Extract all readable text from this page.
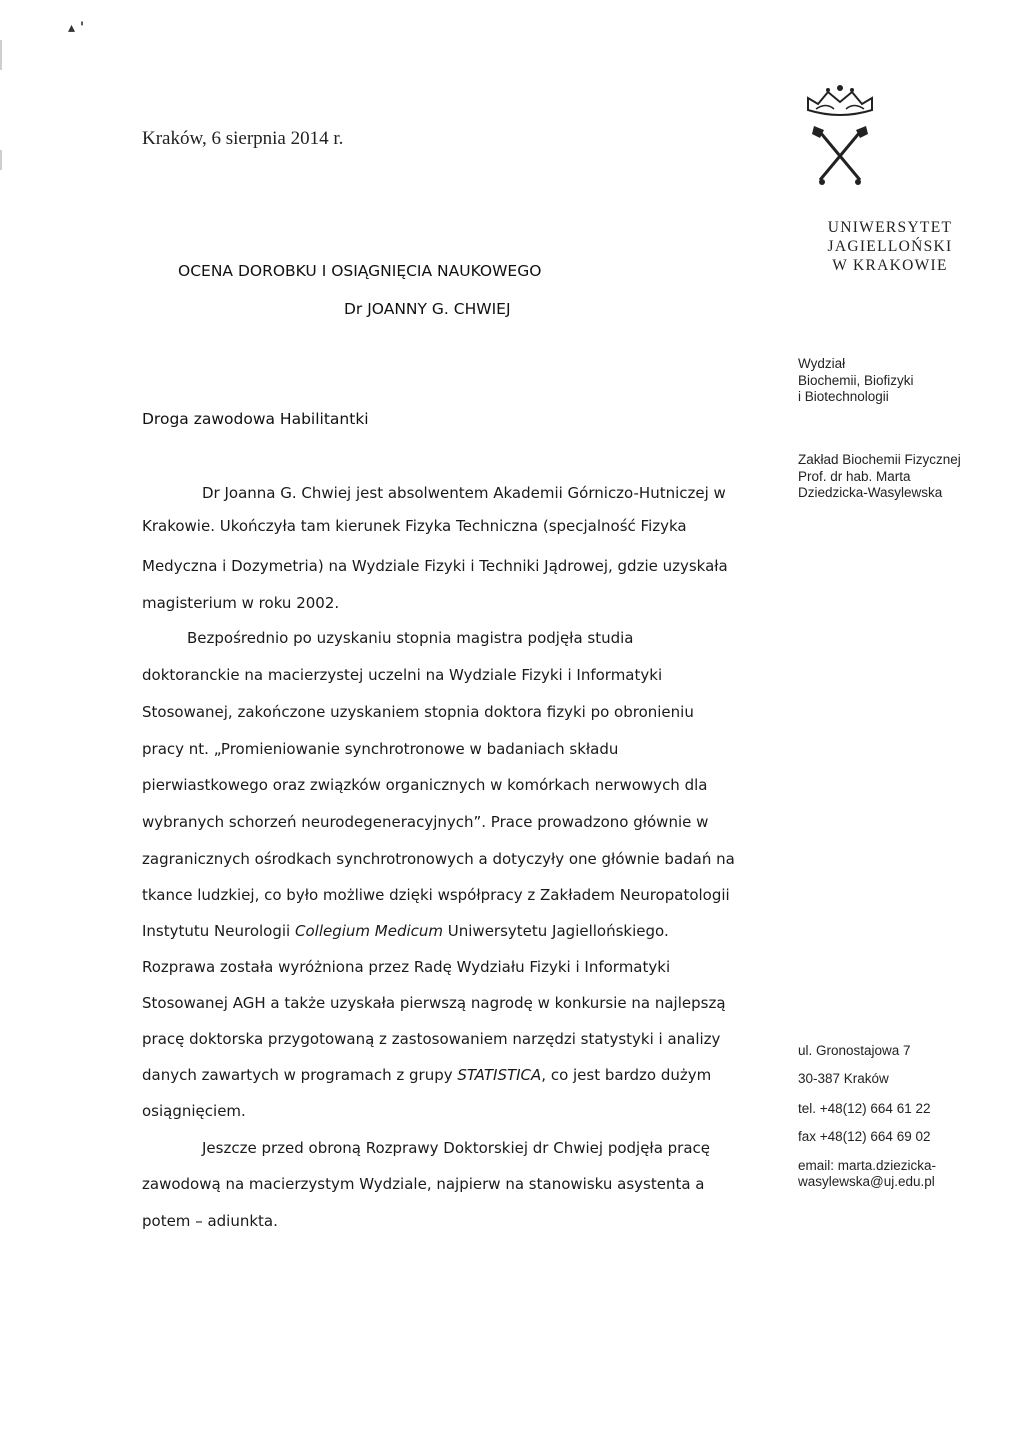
▴ '
Kraków, 6 sierpnia 2014 r.
UNIWERSYTET
JAGIELLOŃSKI
W KRAKOWIE
OCENA DOROBKU I OSIĄGNIĘCIA NAUKOWEGO
Dr JOANNY G. CHWIEJ
Wydział
Biochemii, Biofizyki
i Biotechnologii
Droga zawodowa Habilitantki
Zakład Biochemii Fizycznej
Prof. dr hab. Marta
Dziedzicka-Wasylewska
Dr Joanna G. Chwiej jest absolwentem Akademii Górniczo-Hutniczej w
Krakowie. Ukończyła tam kierunek Fizyka Techniczna (specjalność Fizyka
Medyczna i Dozymetria) na Wydziale Fizyki i Techniki Jądrowej, gdzie uzyskała
magisterium w roku 2002.
Bezpośrednio po uzyskaniu stopnia magistra podjęła studia
doktoranckie na macierzystej uczelni na Wydziale Fizyki i Informatyki
Stosowanej, zakończone uzyskaniem stopnia doktora fizyki po obronieniu
pracy nt. „Promieniowanie synchrotronowe w badaniach składu
pierwiastkowego oraz związków organicznych w komórkach nerwowych dla
wybranych schorzeń neurodegeneracyjnych”. Prace prowadzono głównie w
zagranicznych ośrodkach synchrotronowych a dotyczyły one głównie badań na
tkance ludzkiej, co było możliwe dzięki współpracy z Zakładem Neuropatologii
Instytutu Neurologii Collegium Medicum Uniwersytetu Jagiellońskiego.
Rozprawa została wyróżniona przez Radę Wydziału Fizyki i Informatyki
Stosowanej AGH a także uzyskała pierwszą nagrodę w konkursie na najlepszą
pracę doktorska przygotowaną z zastosowaniem narzędzi statystyki i analizy
danych zawartych w programach z grupy STATISTICA, co jest bardzo dużym
osiągnięciem.
Jeszcze przed obroną Rozprawy Doktorskiej dr Chwiej podjęła pracę
zawodową na macierzystym Wydziale, najpierw na stanowisku asystenta a
potem – adiunkta.
ul. Gronostajowa 7
30-387 Kraków
tel. +48(12) 664 61 22
fax +48(12) 664 69 02
email: marta.dziezicka-
wasylewska@uj.edu.pl
